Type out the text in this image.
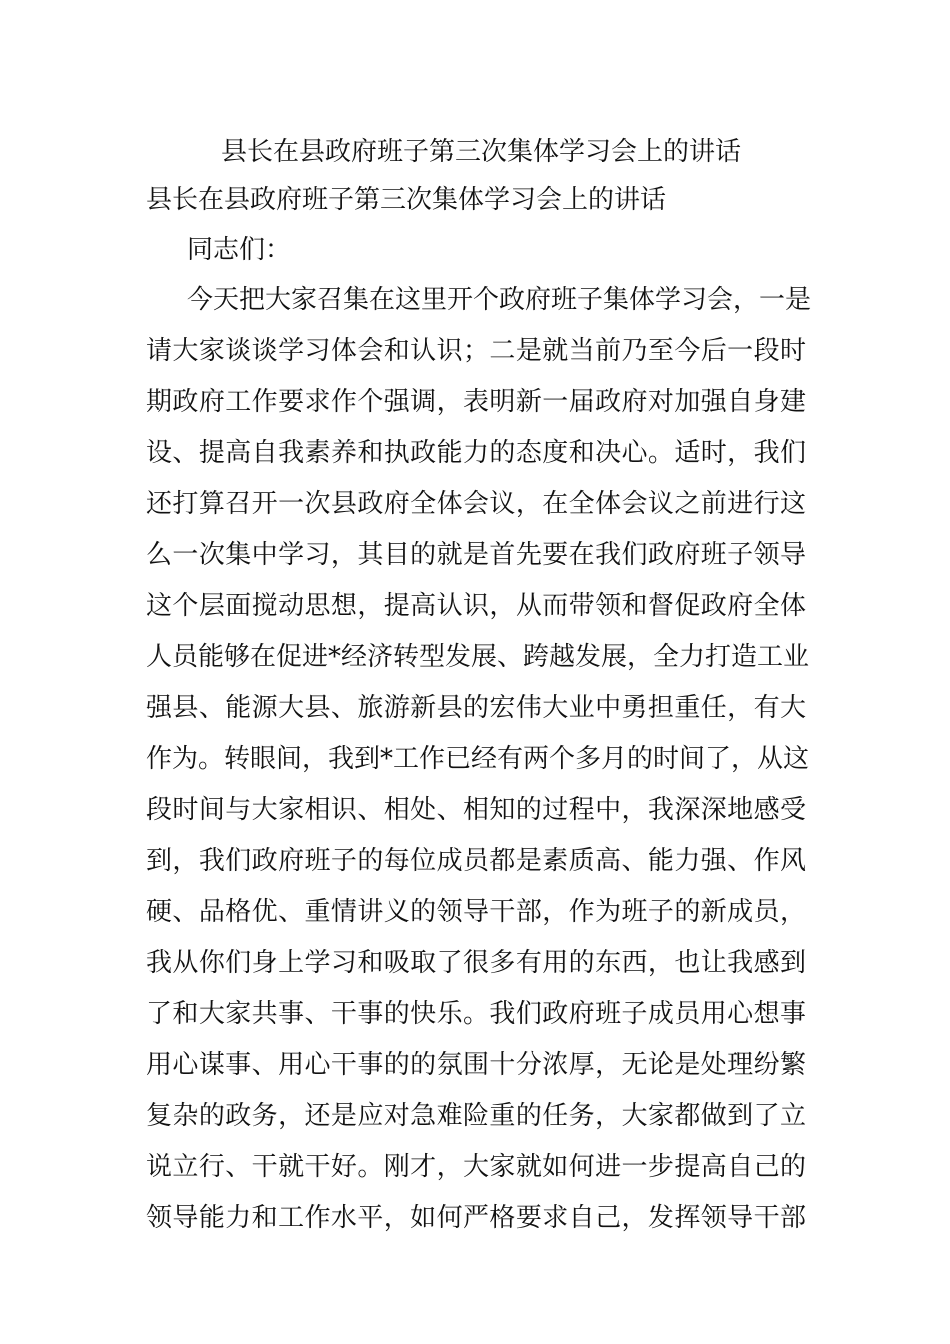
县长在县政府班子第三次集体学习会上的讲话
县长在县政府班子第三次集体学习会上的讲话
同志们：
今天把大家召集在这里开个政府班子集体学习会，一是
请大家谈谈学习体会和认识；二是就当前乃至今后一段时
期政府工作要求作个强调，表明新一届政府对加强自身建
设、提高自我素养和执政能力的态度和决心。适时，我们
还打算召开一次县政府全体会议，在全体会议之前进行这
么一次集中学习，其目的就是首先要在我们政府班子领导
这个层面搅动思想，提高认识，从而带领和督促政府全体
人员能够在促进*经济转型发展、跨越发展，全力打造工业
强县、能源大县、旅游新县的宏伟大业中勇担重任，有大
作为。转眼间，我到*工作已经有两个多月的时间了，从这
段时间与大家相识、相处、相知的过程中，我深深地感受
到，我们政府班子的每位成员都是素质高、能力强、作风
硬、品格优、重情讲义的领导干部，作为班子的新成员，
我从你们身上学习和吸取了很多有用的东西，也让我感到
了和大家共事、干事的快乐。我们政府班子成员用心想事
用心谋事、用心干事的的氛围十分浓厚，无论是处理纷繁
复杂的政务，还是应对急难险重的任务，大家都做到了立
说立行、干就干好。刚才，大家就如何进一步提高自己的
领导能力和工作水平，如何严格要求自己，发挥领导干部
